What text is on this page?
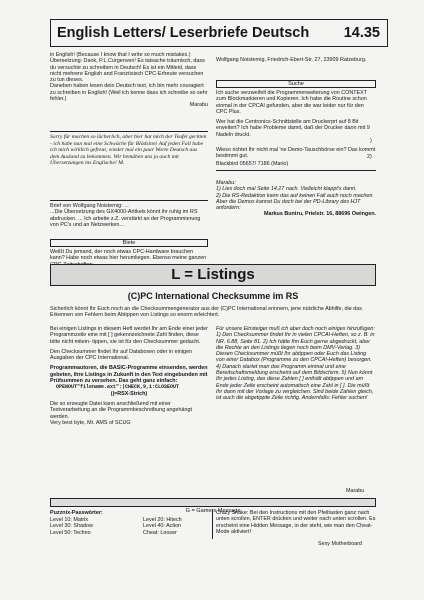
English Letters/ Leserbriefe Deutsch 14.35

in English! (Because I know that I write so much mistakes.)

Übersetzung: Dank, P.L.Curgenven! Es tatsache träumisch, dass du versuchte zu schreiben in Deutsch! Es ist ein Mitleid, dass nicht mehrere English and Französisch CPC-Erfreute versuchen zu tun dieses.

Daneben haben lesen dein Deutsch text, ich bin mehr couragiert zu schreiben in English! (Weil ich kenne dass ich schreibe so sehr fehler.)

Marabu

Sorry für machen so lächerlich, aber hier hat mich der Teufel geritten - ich habe nun mal eine Schwäche für Blödsinn! Auf jeden Fall habe ich mich wirklich gefreut, wieder mal ein paar Worte Deutsch aus dem Ausland zu bekommen. Wir bemühen uns ja auch mit Übersetzungen ins Englische! M.

Brief von Wolfgang Noisternig: ...

...Die Übersetzung des GX4000-Artikels könnt ihr ruhig im RS abdrucken. ... Ich arbeite z.Z. verstärkt an der Programmierung von PC's und an Netzwerken...

Biete
Weißt Du jemand, der noch etwas CPC-Hardware brauchen kann? Habe noch etwas hier herumliegen. Ebenso meine ganzen
Wolfgang Noisternig, Friedrich-Ebert-Str. 27, 23909 Ratzeburg.
Suche
Ich suche verzweifelt die Programmerweiterung von CONTEXT zum Blockmarkieren und Kopieren. Ich habe die Routine schon einmal in der CPCAI gefunden, aber die war leider nur für den CPC Plus.
Wer hat die Centronics-Schnittstelle am Druckerprt auf 8 Bit erweitert? Ich habe Probleme damit, daß der Drucker dann mit 9 Nadeln druckt.
)
Wieso richtet Ihr nicht mal 'ne Demo-Tauschbörse ein? Das kommt bestimmt gut.	2)
Blackbird 05657/ 7186 (Mario)

Marabu:

1) Lies doch mal Seite 14.27 nach. Vielleicht klappt's dann.

2) Die RS-Redaktion kann das auf keinen Fall auch noch machen. Aber die Demos kannst Du doch bei der PD-Library des HJT anfordern:

Markus Buntru, Prielstr. 16, 88696 Owingen.

L = Listings
(C)PC International Checksumme im RS
Sicherlich könnt Ihr Euch noch an die Checksummengenerator aus der (C)PC International erinnern, jene nützliche Abhilfe, die das Erkennen von Fehlern beim Abtippen von Listings so enorm erleichtert.

Bei einigen Listings in diesem Heft werdet Ihr am Ende einer jeder Programmzeile eine mit [ ] gekennzeichnete Zahl finden, diese bitte nicht mitein- tippen, sie ist für den Checksummer gedacht.

Den Checksummer findet Ihr auf Databoxen oder in einigen Ausgaben der CPC International.

Programmautoren, die BASIC-Programme einsenden, werden gebeten, ihre Listings in Zukunft in den Text eingebunden mit Prüfsummen zu versehen. Das geht ganz einfach:

OPENOUT"filename.axt":|CHECK,9,1:CLOSEOUT

(|=RSX-Strich)

Die so erzeugte Datei kann anschließend mit einer Textverarbeitung an die Programmbeschreibung angehängt werden.

Very best byte, Mr. AMS of SCUG

Für unsere Einsteiger muß ich aber doch noch einiges hinzufügen: 1) Den Checksummer findet Ihr in vielen CPCAI-Heften, so z. B. in NR. 6.88, Seite 81. 2) Ich hätte Ihn Euch gerne abgedruckt, aber die Rechte an den Listings liegen noch beim DMV-Verlag. 3) Diesen Checksummer müßt Ihr abtippen oder Euch das Listing von einer Databox (Programme zu den CPCAI-Heften) besorgen. 4) Danach startet man das Programm einmal und eine Bereitschaftsmeldung erscheint auf dem Bildschirm. 5) Nun könnt Ihr jedes Listing, das diese Zahlen [ ] enthält abtippen und am Ende jeder Zeile erscheint automatisch eine Zahl in [ ]. Die müßt Ihr dann mit der Vorlage zu vergleichen. Sind beide Zahlen gleich, ist auch die abgetippte Zeile richtig. Andernfalls: Fehler suchen!
Marabu
G = Gamers Message
Puzznix-Passwörter:

Level 10: Matrix

Level 30: Shadow

Level 50: Techno

Level 20: Hitech

Level 40: Action

Cheat: Looser

Crazy Snake: Bei den Instructions mit den Pfeiltasten ganz nach unten scrollen, ENTER drücken und weiter nach unten scrollen. Es erscheint eine Hidden Message, in der steht, wie man den Cheat-Mode aktiviert!
Sexy Motherboard
